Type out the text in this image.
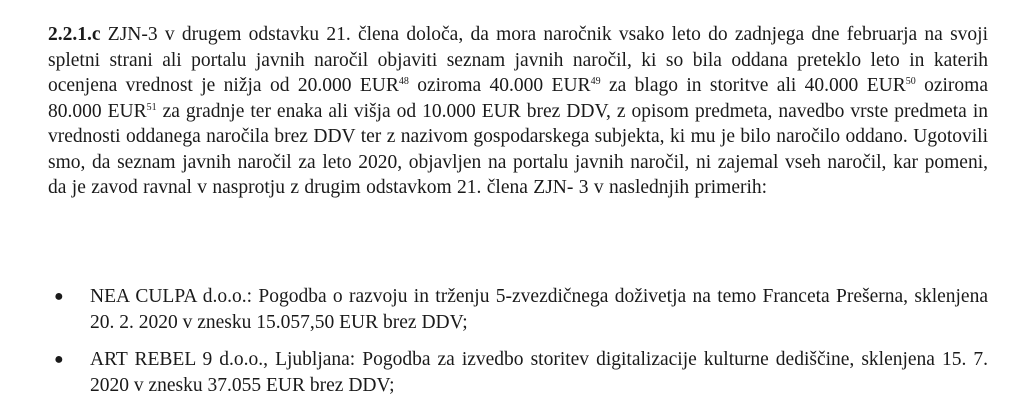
2.2.1.c ZJN-3 v drugem odstavku 21. člena določa, da mora naročnik vsako leto do zadnjega dne februarja na svoji spletni strani ali portalu javnih naročil objaviti seznam javnih naročil, ki so bila oddana preteklo leto in katerih ocenjena vrednost je nižja od 20.000 EUR$^{48}$ oziroma 40.000 EUR$^{49}$ za blago in storitve ali 40.000 EUR$^{50}$ oziroma 80.000 EUR$^{51}$ za gradnje ter enaka ali višja od 10.000 EUR brez DDV, z opisom predmeta, navedbo vrste predmeta in vrednosti oddanega naročila brez DDV ter z nazivom gospodarskega subjekta, ki mu je bilo naročilo oddano. Ugotovili smo, da seznam javnih naročil za leto 2020, objavljen na portalu javnih naročil, ni zajemal vseh naročil, kar pomeni, da je zavod ravnal v nasprotju z drugim odstavkom 21. člena ZJN- 3 v naslednjih primerih:

● NEA CULPA d.o.o.: Pogodba o razvoju in trženju 5-zvezdičnega doživetja na temo Franceta Prešerna, sklenjena 20. 2. 2020 v znesku 15.057,50 EUR brez DDV;
● ART REBEL 9 d.o.o., Ljubljana: Pogodba za izvedbo storitev digitalizacije kulturne dediščine, sklenjena 15. 7. 2020 v znesku 37.055 EUR brez DDV;
